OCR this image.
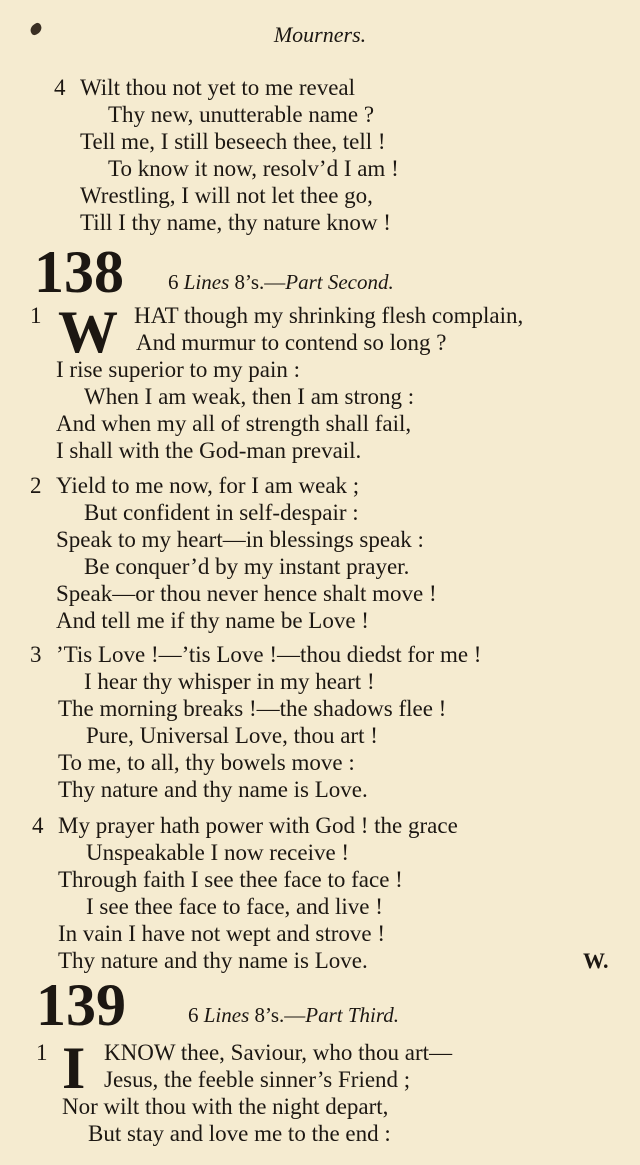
Mourners.
4 Wilt thou not yet to me reveal
Thy new, unutterable name ?
Tell me, I still beseech thee, tell !
To know it now, resolv’d I am !
Wrestling, I will not let thee go,
Till I thy name, thy nature know !
138 6 Lines 8’s.—Part Second.
1 W HAT though my shrinking flesh complain,
And murmur to contend so long ?
I rise superior to my pain :
When I am weak, then I am strong :
And when my all of strength shall fail,
I shall with the God-man prevail.
2 Yield to me now, for I am weak ;
But confident in self-despair :
Speak to my heart—in blessings speak :
Be conquer’d by my instant prayer.
Speak—or thou never hence shalt move !
And tell me if thy name be Love !
3 ’Tis Love !—’tis Love !—thou diedst for me !
I hear thy whisper in my heart !
The morning breaks !—the shadows flee !
Pure, Universal Love, thou art !
To me, to all, thy bowels move :
Thy nature and thy name is Love.
4 My prayer hath power with God ! the grace
Unspeakable I now receive !
Through faith I see thee face to face !
I see thee face to face, and live !
In vain I have not wept and strove !
Thy nature and thy name is Love.	W.
139	6 Lines 8’s.—Part Third.
1 I KNOW thee, Saviour, who thou art—
Jesus, the feeble sinner’s Friend ;
Nor wilt thou with the night depart,
But stay and love me to the end :
